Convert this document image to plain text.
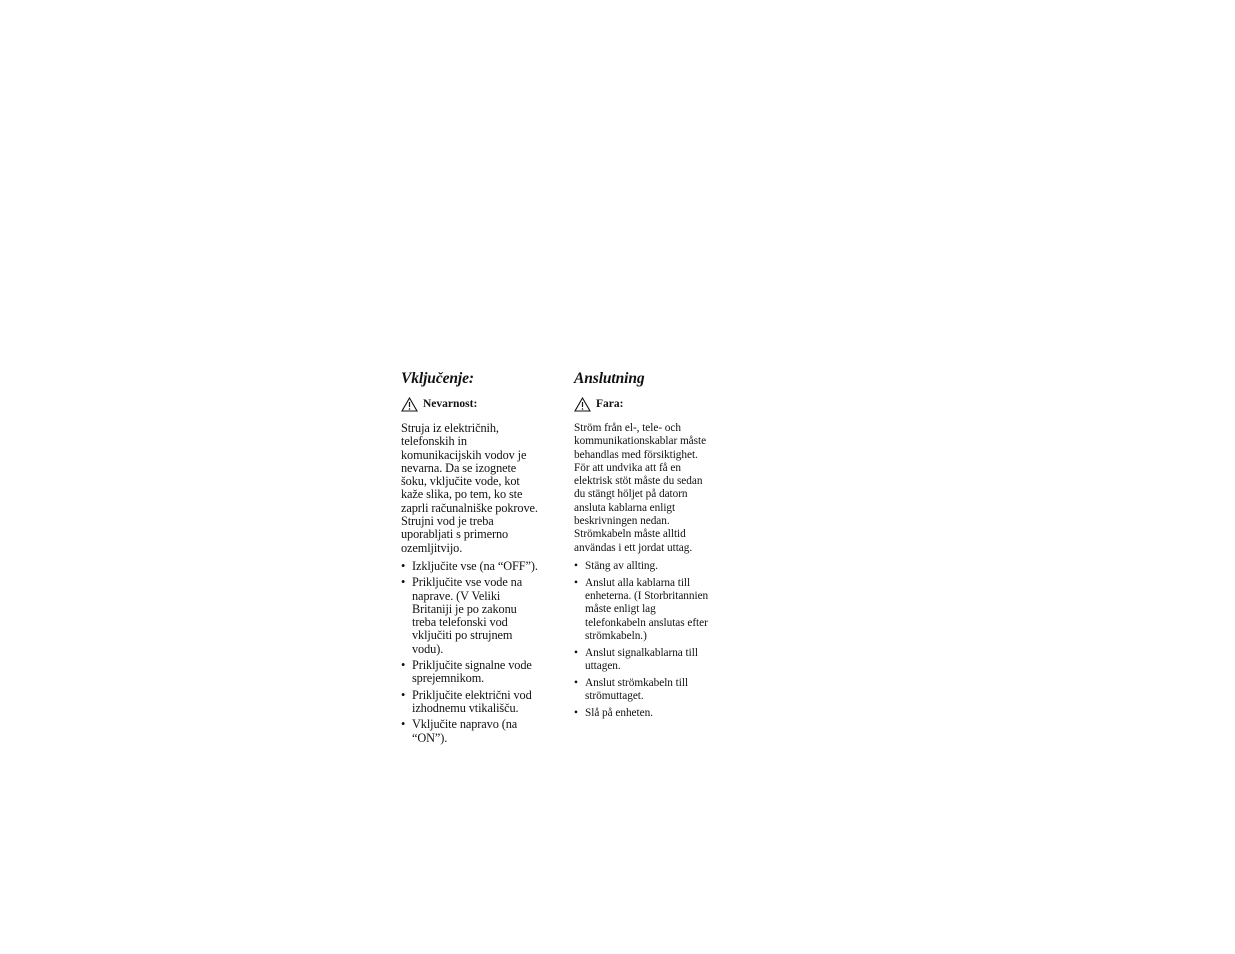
Vključenje:
Nevarnost:

Struja iz električnih,
telefonskih in
komunikacijskih vodov je
nevarna. Da se izognete
šoku, vključite vode, kot
kaže slika, po tem, ko ste
zaprli računalniške pokrove.
Strujni vod je treba
uporabljati s primerno
ozemljitvijo.

• Izključite vse (na “OFF”).
• Priključite vse vode na
naprave. (V Veliki
Britaniji je po zakonu
treba telefonski vod
vključiti po strujnem
vodu).
• Priključite signalne vode
sprejemnikom.
• Priključite električni vod
izhodnemu vtikališču.
• Vključite napravo (na
“ON”).
Anslutning
Fara:

Ström från el-, tele- och
kommunikationskablar måste
behandlas med försiktighet.
För att undvika att få en
elektrisk stöt måste du sedan
du stängt höljet på datorn
ansluta kablarna enligt
beskrivningen nedan.
Strömkabeln måste alltid
användas i ett jordat uttag.

• Stäng av allting.
• Anslut alla kablarna till
enheterna. (I Storbritannien
måste enligt lag
telefonkabeln anslutas efter
strömkabeln.)
• Anslut signalkablarna till
uttagen.
• Anslut strömkabeln till
strömuttaget.
• Slå på enheten.
